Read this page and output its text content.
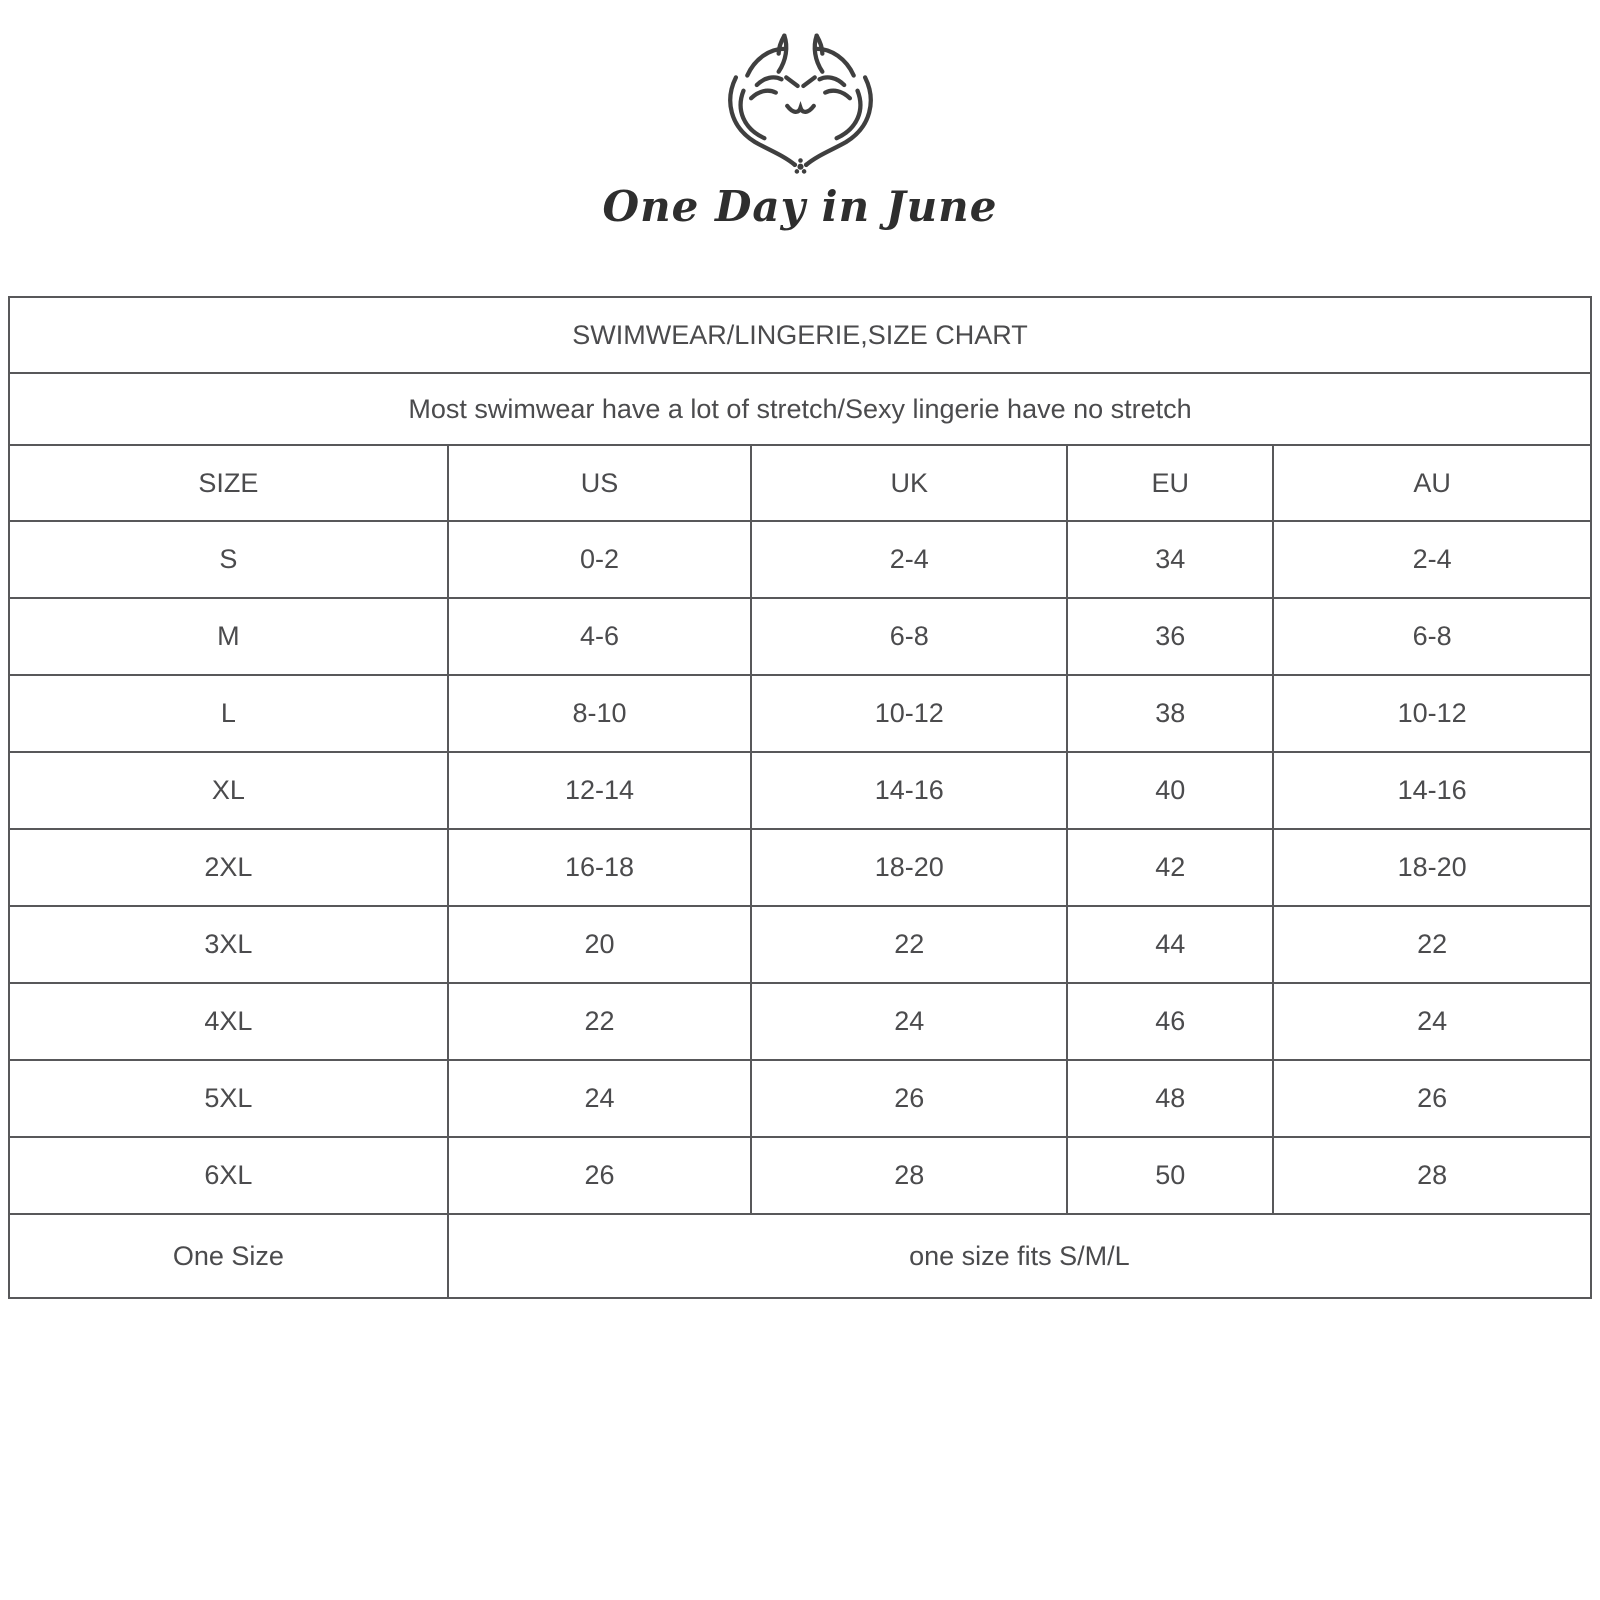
One Day in June
SWIMWEAR/LINGERIE,SIZE CHART				
Most swimwear have a lot of stretch/Sexy lingerie have no stretch				
SIZE	US	UK	EU	AU
S	0-2	2-4	34	2-4
M	4-6	6-8	36	6-8
L	8-10	10-12	38	10-12
XL	12-14	14-16	40	14-16
2XL	16-18	18-20	42	18-20
3XL	20	22	44	22
4XL	22	24	46	24
5XL	24	26	48	26
6XL	26	28	50	28
One Size	one size fits S/M/L			
